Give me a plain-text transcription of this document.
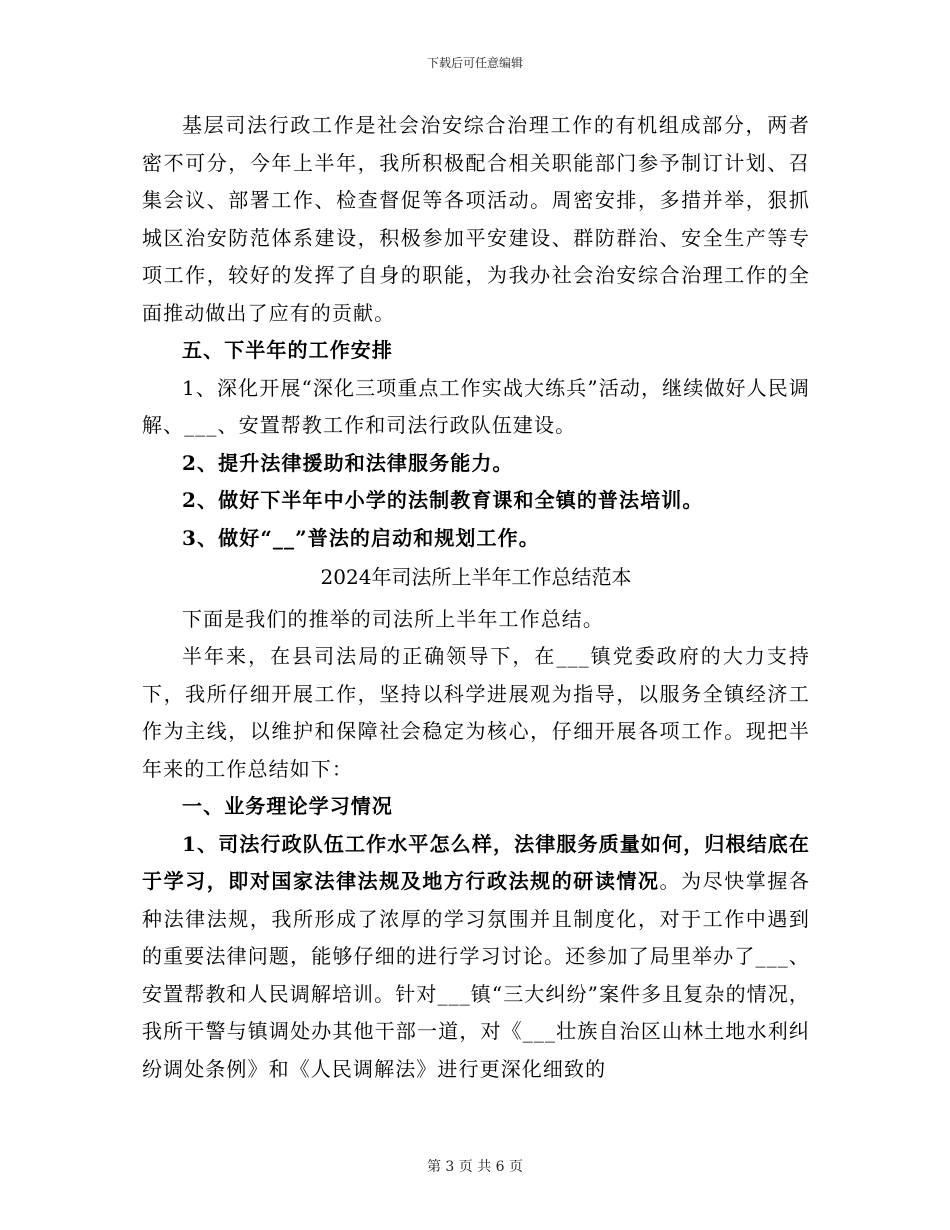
下载后可任意编辑

基层司法行政工作是社会治安综合治理工作的有机组成部分，两者密不可分，今年上半年，我所积极配合相关职能部门参予制订计划、召集会议、部署工作、检查督促等各项活动。周密安排，多措并举，狠抓城区治安防范体系建设，积极参加平安建设、群防群治、安全生产等专项工作，较好的发挥了自身的职能，为我办社会治安综合治理工作的全面推动做出了应有的贡献。

五、下半年的工作安排

1、深化开展“深化三项重点工作实战大练兵”活动，继续做好人民调解、___、安置帮教工作和司法行政队伍建设。

2、提升法律援助和法律服务能力。

2、做好下半年中小学的法制教育课和全镇的普法培训。

3、做好“__”普法的启动和规划工作。

2024年司法所上半年工作总结范本

下面是我们的推举的司法所上半年工作总结。

半年来，在县司法局的正确领导下，在___镇党委政府的大力支持下，我所仔细开展工作，坚持以科学进展观为指导，以服务全镇经济工作为主线，以维护和保障社会稳定为核心，仔细开展各项工作。现把半年来的工作总结如下：

一、业务理论学习情况

1、司法行政队伍工作水平怎么样，法律服务质量如何，归根结底在于学习，即对国家法律法规及地方行政法规的研读情况。为尽快掌握各种法律法规，我所形成了浓厚的学习氛围并且制度化，对于工作中遇到的重要法律问题，能够仔细的进行学习讨论。还参加了局里举办了___、安置帮教和人民调解培训。针对___镇“三大纠纷”案件多且复杂的情况，我所干警与镇调处办其他干部一道，对《___壮族自治区山林土地水利纠纷调处条例》和《人民调解法》进行更深化细致的

第 3 页 共 6 页
